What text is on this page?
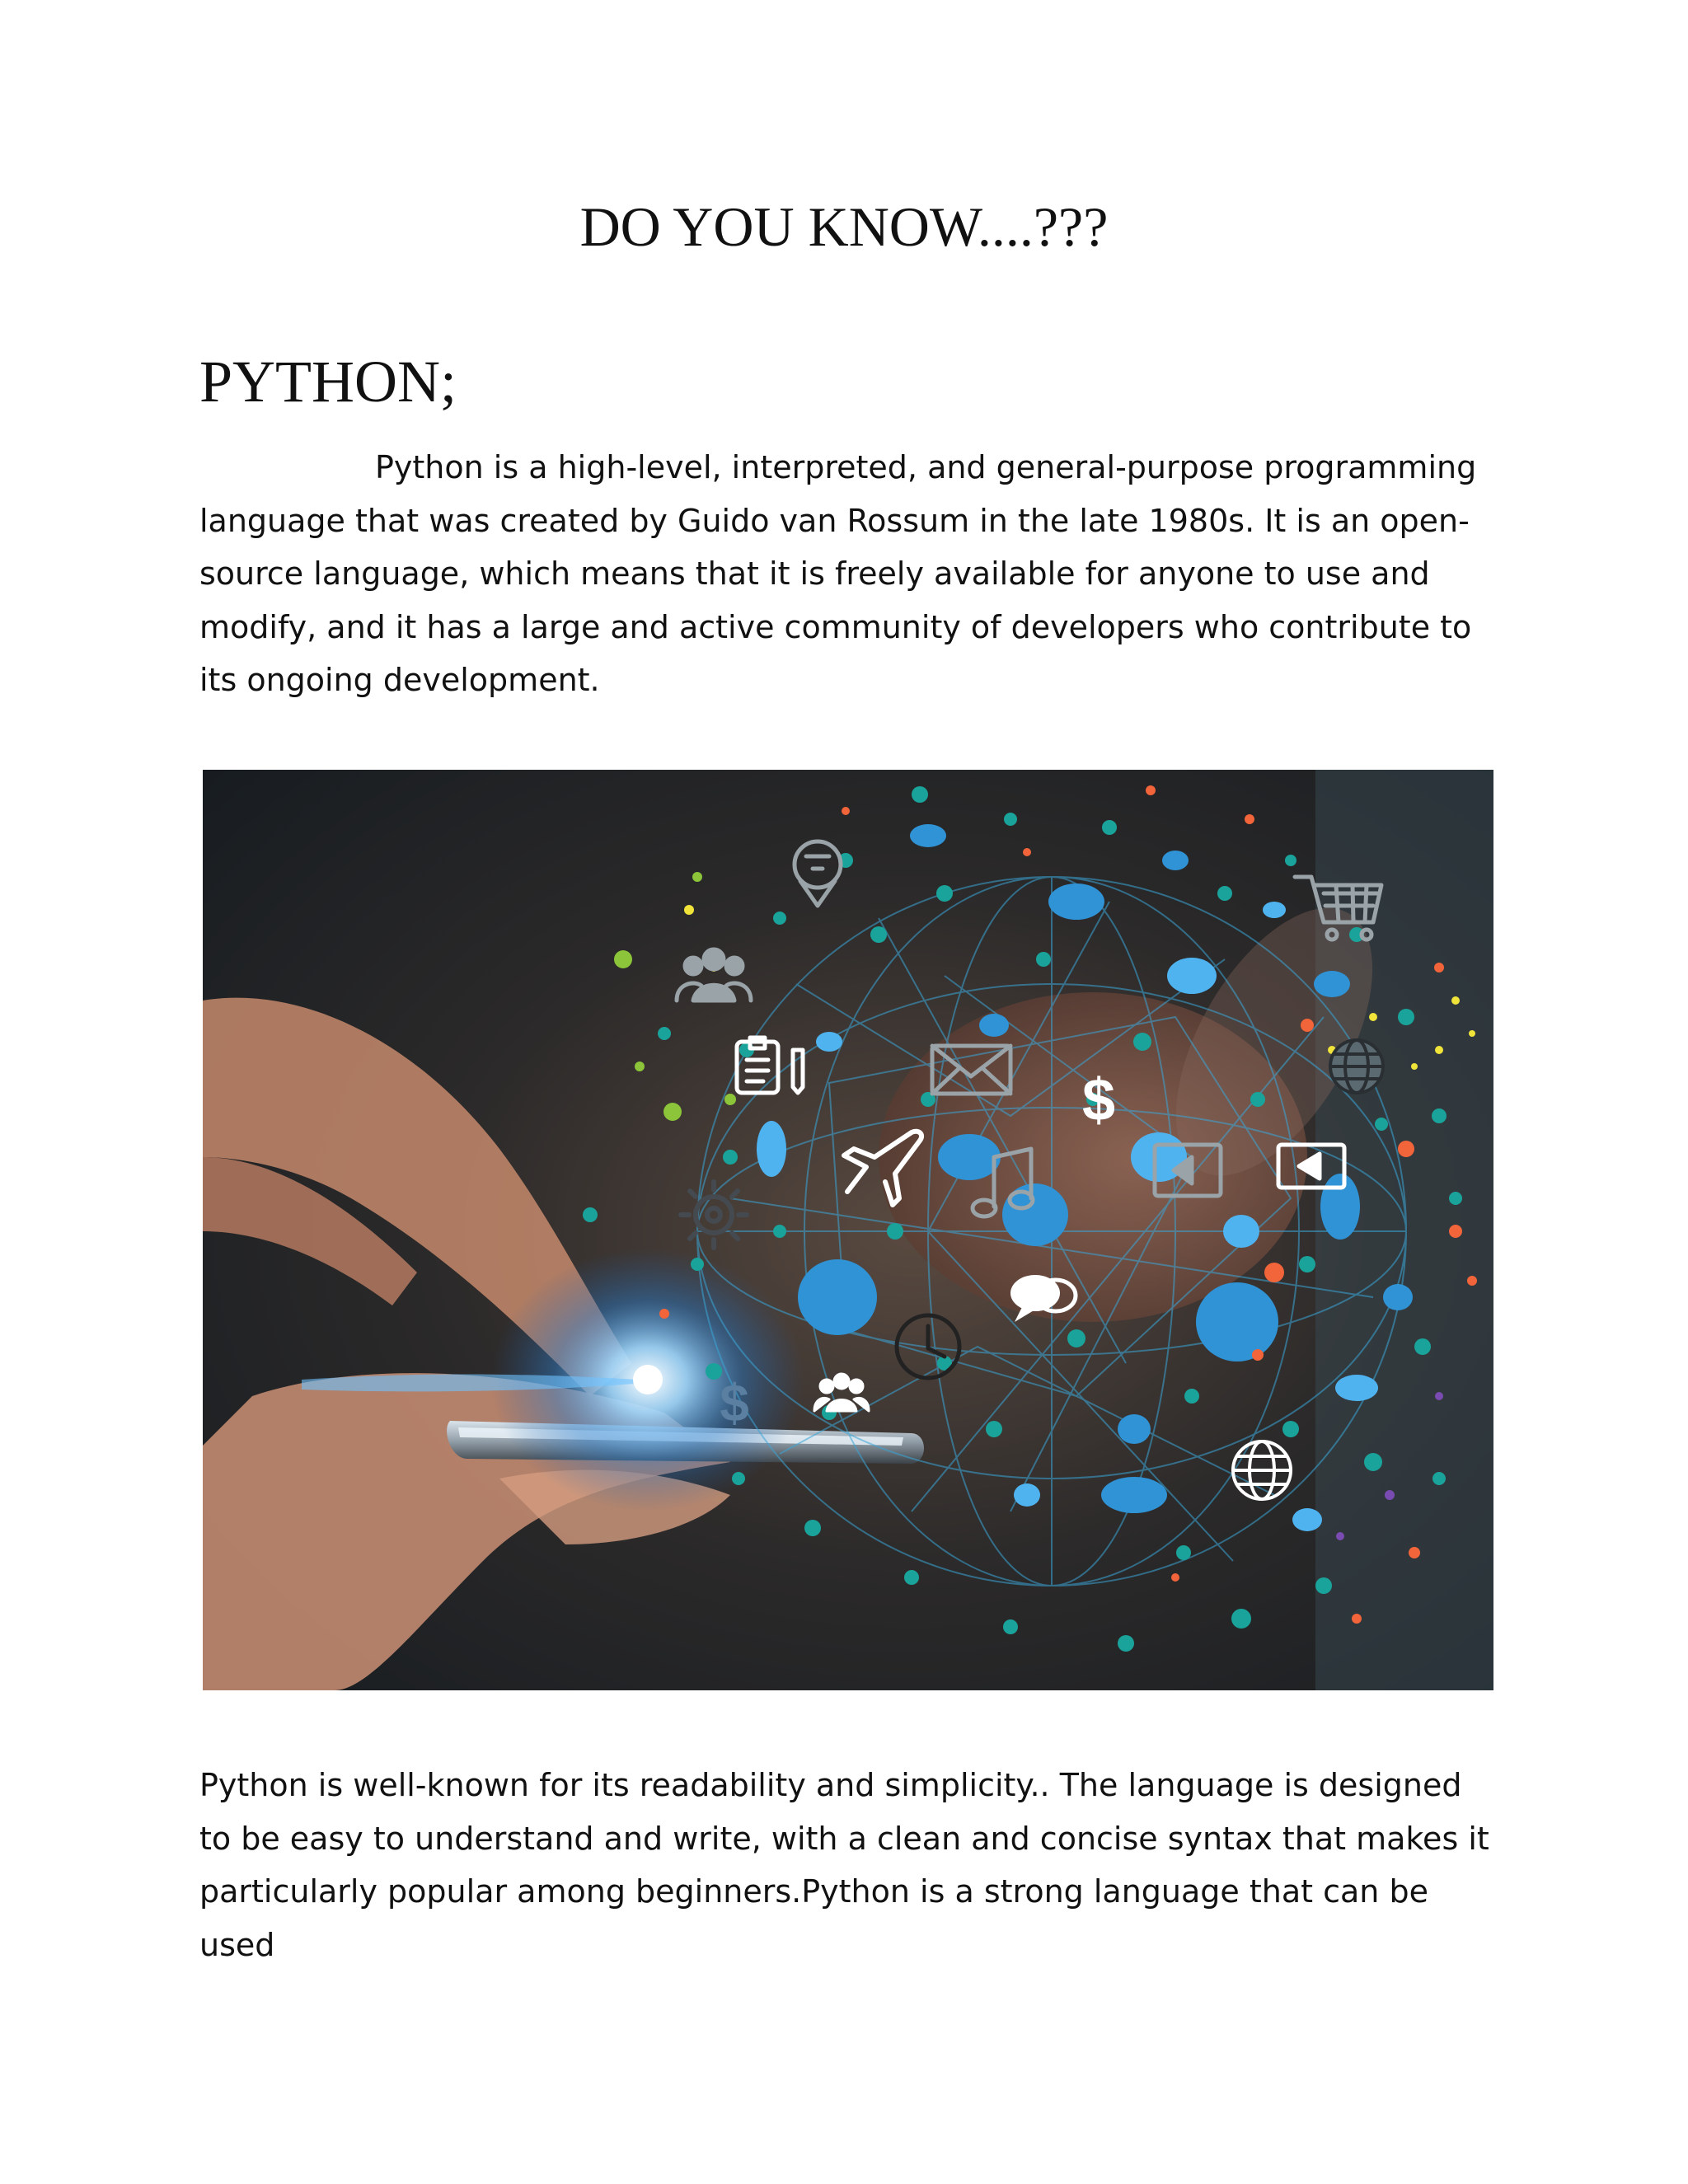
DO YOU KNOW....???
PYTHON;

Python is a high-level, interpreted, and general-purpose programming language that was created by Guido van Rossum in the late 1980s. It is an open-source language, which means that it is freely available for anyone to use and modify, and it has a large and active community of developers who contribute to its ongoing development.

$
$

Python is well-known for its readability and simplicity.. The language is designed to be easy to understand and write, with a clean and concise syntax that makes it particularly popular among beginners.Python is a strong language that can be used
